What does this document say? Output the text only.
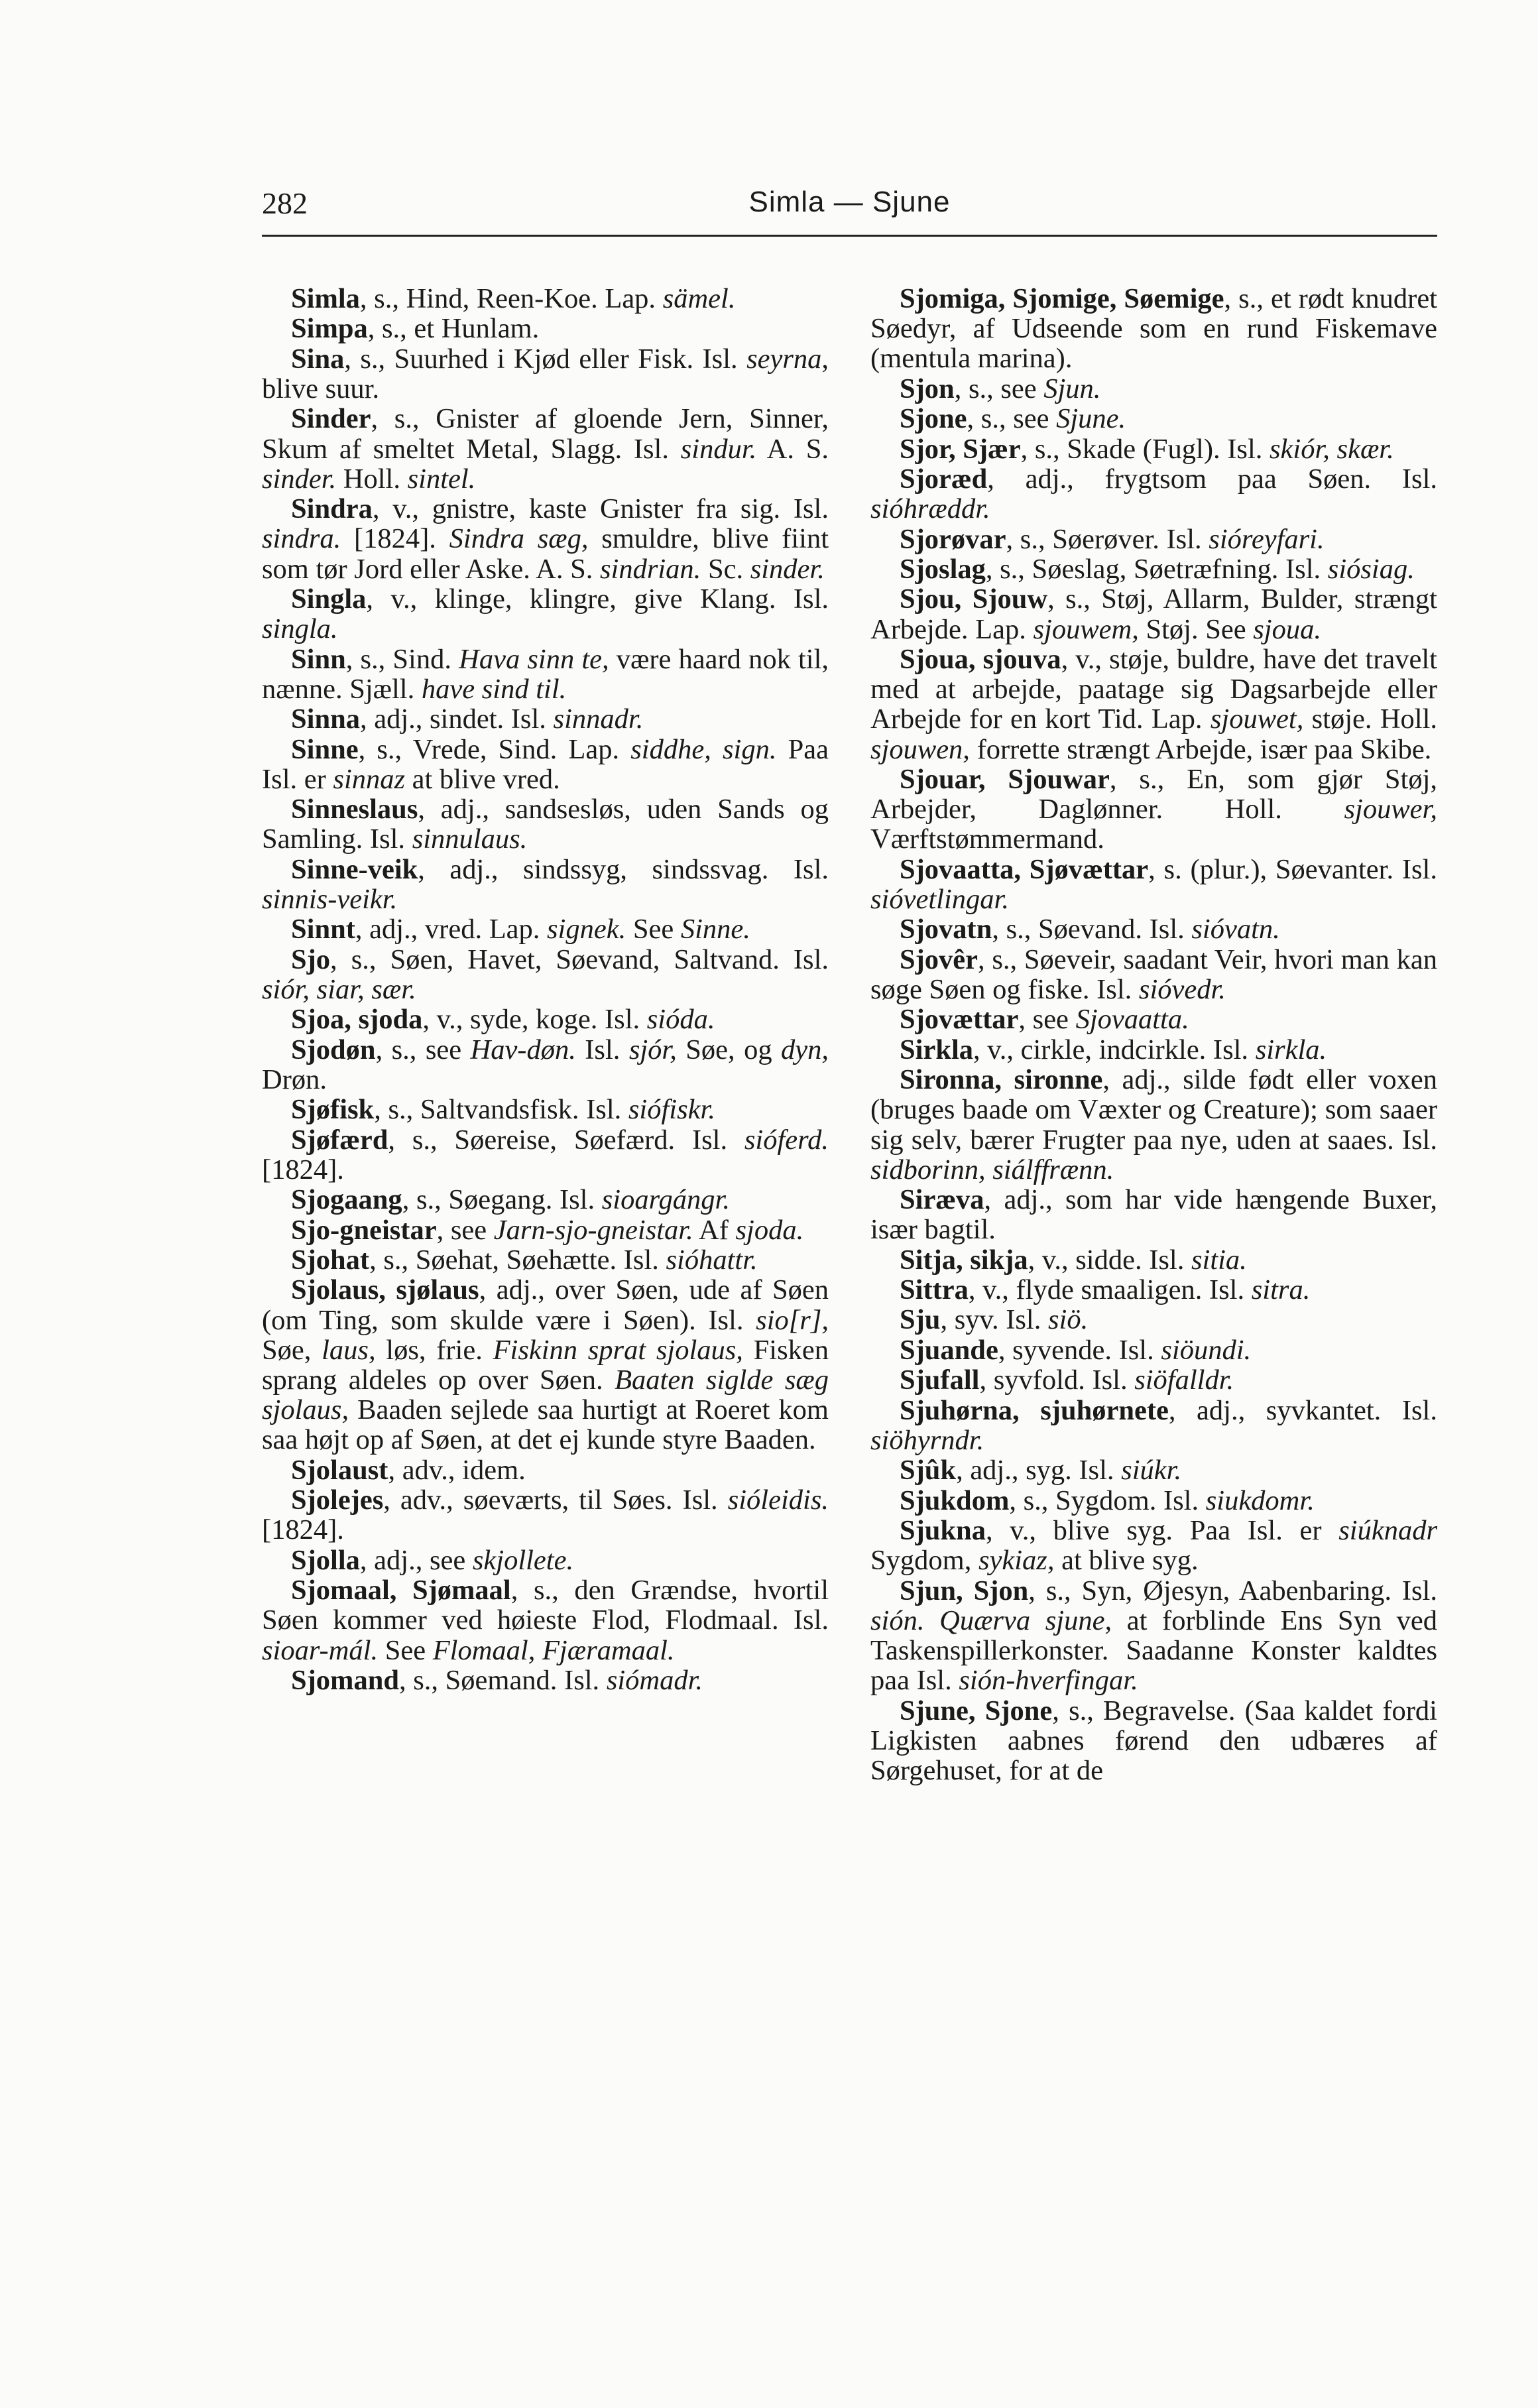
282	Simla — Sjune

Simla, s., Hind, Reen-Koe. Lap. sämel.

Simpa, s., et Hunlam.

Sina, s., Suurhed i Kjød eller Fisk. Isl. seyrna, blive suur.

Sinder, s., Gnister af gloende Jern, Sinner, Skum af smeltet Metal, Slagg. Isl. sindur. A. S. sinder. Holl. sintel.

Sindra, v., gnistre, kaste Gnister fra sig. Isl. sindra. [1824]. Sindra sæg, smuldre, blive fiint som tør Jord eller Aske. A. S. sindrian. Sc. sinder.

Singla, v., klinge, klingre, give Klang. Isl. singla.

Sinn, s., Sind. Hava sinn te, være haard nok til, nænne. Sjæll. have sind til.

Sinna, adj., sindet. Isl. sinnadr.

Sinne, s., Vrede, Sind. Lap. siddhe, sign. Paa Isl. er sinnaz at blive vred.

Sinneslaus, adj., sandsesløs, uden Sands og Samling. Isl. sinnulaus.

Sinne-veik, adj., sindssyg, sindssvag. Isl. sinnis-veikr.

Sinnt, adj., vred. Lap. signek. See Sinne.

Sjo, s., Søen, Havet, Søevand, Saltvand. Isl. siór, siar, sær.

Sjoa, sjoda, v., syde, koge. Isl. sióda.

Sjodøn, s., see Hav-døn. Isl. sjór, Søe, og dyn, Drøn.

Sjøfisk, s., Saltvandsfisk. Isl. siófiskr.

Sjøfærd, s., Søereise, Søefærd. Isl. sióferd. [1824].

Sjogaang, s., Søegang. Isl. sioargángr.

Sjo-gneistar, see Jarn-sjo-gneistar. Af sjoda.

Sjohat, s., Søehat, Søehætte. Isl. sióhattr.

Sjolaus, sjølaus, adj., over Søen, ude af Søen (om Ting, som skulde være i Søen). Isl. sio[r], Søe, laus, løs, frie. Fiskinn sprat sjolaus, Fisken sprang aldeles op over Søen. Baaten siglde sæg sjolaus, Baaden sejlede saa hurtigt at Roeret kom saa højt op af Søen, at det ej kunde styre Baaden.

Sjolaust, adv., idem.

Sjolejes, adv., søeværts, til Søes. Isl. sióleidis. [1824].

Sjolla, adj., see skjollete.

Sjomaal, Sjømaal, s., den Grændse, hvortil Søen kommer ved høieste Flod, Flodmaal. Isl. sioar-mál. See Flomaal, Fjæramaal.

Sjomand, s., Søemand. Isl. siómadr.

Sjomiga, Sjomige, Søemige, s., et rødt knudret Søedyr, af Udseende som en rund Fiskemave (mentula marina).

Sjon, s., see Sjun.

Sjone, s., see Sjune.

Sjor, Sjær, s., Skade (Fugl). Isl. skiór, skær.

Sjoræd, adj., frygtsom paa Søen. Isl. sióhræddr.

Sjorøvar, s., Søerøver. Isl. sióreyfari.

Sjoslag, s., Søeslag, Søetræfning. Isl. siósiag.

Sjou, Sjouw, s., Støj, Allarm, Bulder, strængt Arbejde. Lap. sjouwem, Støj. See sjoua.

Sjoua, sjouva, v., støje, buldre, have det travelt med at arbejde, paatage sig Dagsarbejde eller Arbejde for en kort Tid. Lap. sjouwet, støje. Holl. sjouwen, forrette strængt Arbejde, især paa Skibe.

Sjouar, Sjouwar, s., En, som gjør Støj, Arbejder, Daglønner. Holl. sjouwer, Værftstømmermand.

Sjovaatta, Sjøvættar, s. (plur.), Søevanter. Isl. sióvetlingar.

Sjovatn, s., Søevand. Isl. sióvatn.

Sjovêr, s., Søeveir, saadant Veir, hvori man kan søge Søen og fiske. Isl. sióvedr.

Sjovættar, see Sjovaatta.

Sirkla, v., cirkle, indcirkle. Isl. sirkla.

Sironna, sironne, adj., silde født eller voxen (bruges baade om Væxter og Creature); som saaer sig selv, bærer Frugter paa nye, uden at saaes. Isl. sidborinn, siálffrænn.

Siræva, adj., som har vide hængende Buxer, især bagtil.

Sitja, sikja, v., sidde. Isl. sitia.

Sittra, v., flyde smaaligen. Isl. sitra.

Sju, syv. Isl. siö.

Sjuande, syvende. Isl. siöundi.

Sjufall, syvfold. Isl. siöfalldr.

Sjuhørna, sjuhørnete, adj., syvkantet. Isl. siöhyrndr.

Sjûk, adj., syg. Isl. siúkr.

Sjukdom, s., Sygdom. Isl. siukdomr.

Sjukna, v., blive syg. Paa Isl. er siúknadr Sygdom, sykiaz, at blive syg.

Sjun, Sjon, s., Syn, Øjesyn, Aabenbaring. Isl. sión. Quærva sjune, at forblinde Ens Syn ved Taskenspillerkonster. Saadanne Konster kaldtes paa Isl. sión-hverfingar.

Sjune, Sjone, s., Begravelse. (Saa kaldet fordi Ligkisten aabnes førend den udbæres af Sørgehuset, for at de
